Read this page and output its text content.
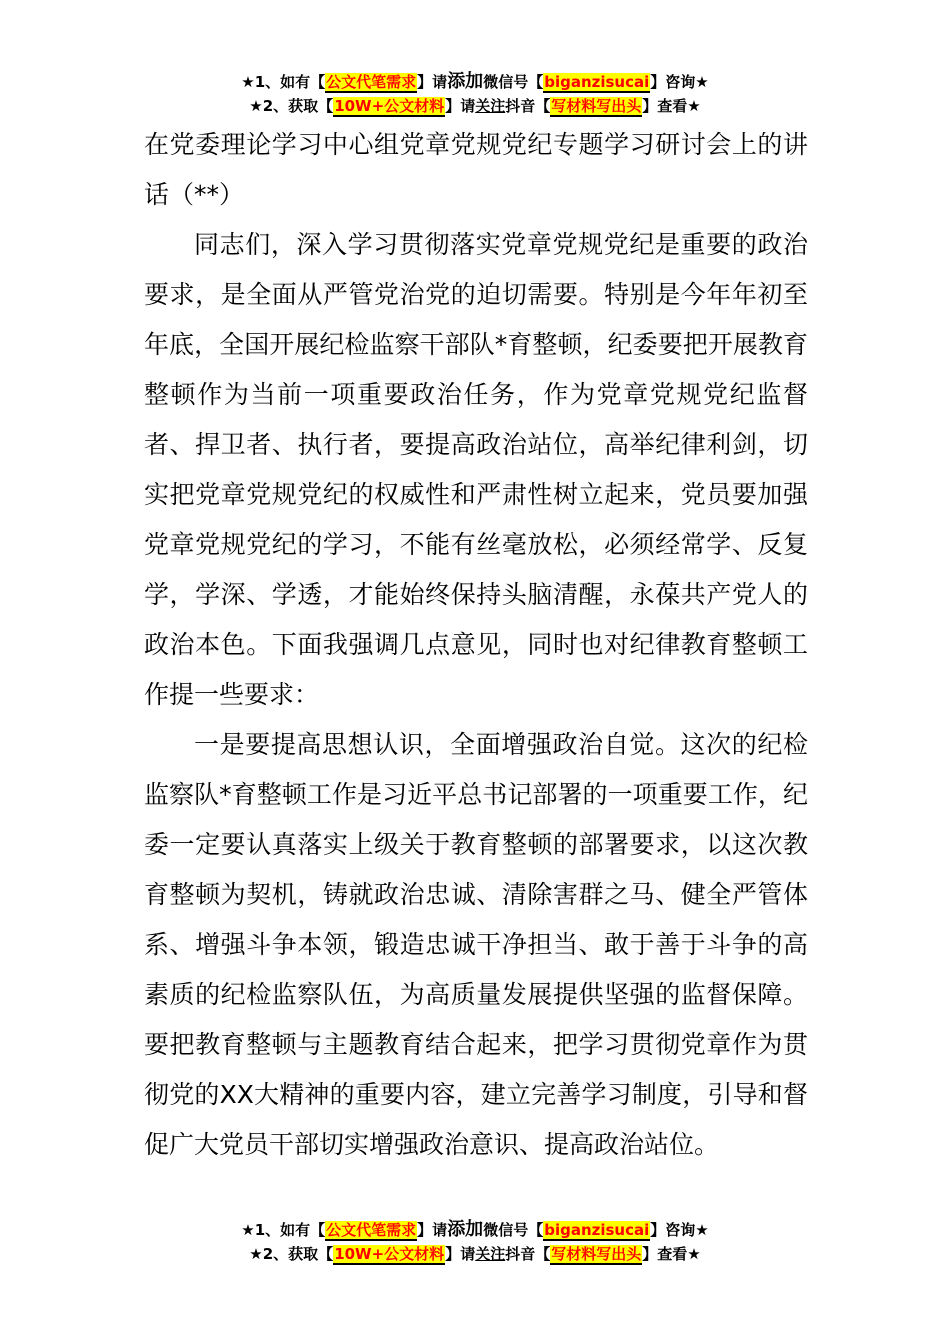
★1、如有【公文代笔需求】请添加微信号【biganzisucai】咨询★
★2、获取【10W+公文材料】请关注抖音【写材料写出头】查看★

在党委理论学习中心组党章党规党纪专题学习研讨会上的讲话（**）

同志们，深入学习贯彻落实党章党规党纪是重要的政治要求，是全面从严管党治党的迫切需要。特别是今年年初至年底，全国开展纪检监察干部队*育整顿，纪委要把开展教育整顿作为当前一项重要政治任务，作为党章党规党纪监督者、捍卫者、执行者，要提高政治站位，高举纪律利剑，切实把党章党规党纪的权威性和严肃性树立起来，党员要加强党章党规党纪的学习，不能有丝毫放松，必须经常学、反复学，学深、学透，才能始终保持头脑清醒，永葆共产党人的政治本色。下面我强调几点意见，同时也对纪律教育整顿工作提一些要求：

一是要提高思想认识，全面增强政治自觉。这次的纪检监察队*育整顿工作是习近平总书记部署的一项重要工作，纪委一定要认真落实上级关于教育整顿的部署要求，以这次教育整顿为契机，铸就政治忠诚、清除害群之马、健全严管体系、增强斗争本领，锻造忠诚干净担当、敢于善于斗争的高素质的纪检监察队伍，为高质量发展提供坚强的监督保障。要把教育整顿与主题教育结合起来，把学习贯彻党章作为贯彻党的XX大精神的重要内容，建立完善学习制度，引导和督促广大党员干部切实增强政治意识、提高政治站位。

★1、如有【公文代笔需求】请添加微信号【biganzisucai】咨询★
★2、获取【10W+公文材料】请关注抖音【写材料写出头】查看★
